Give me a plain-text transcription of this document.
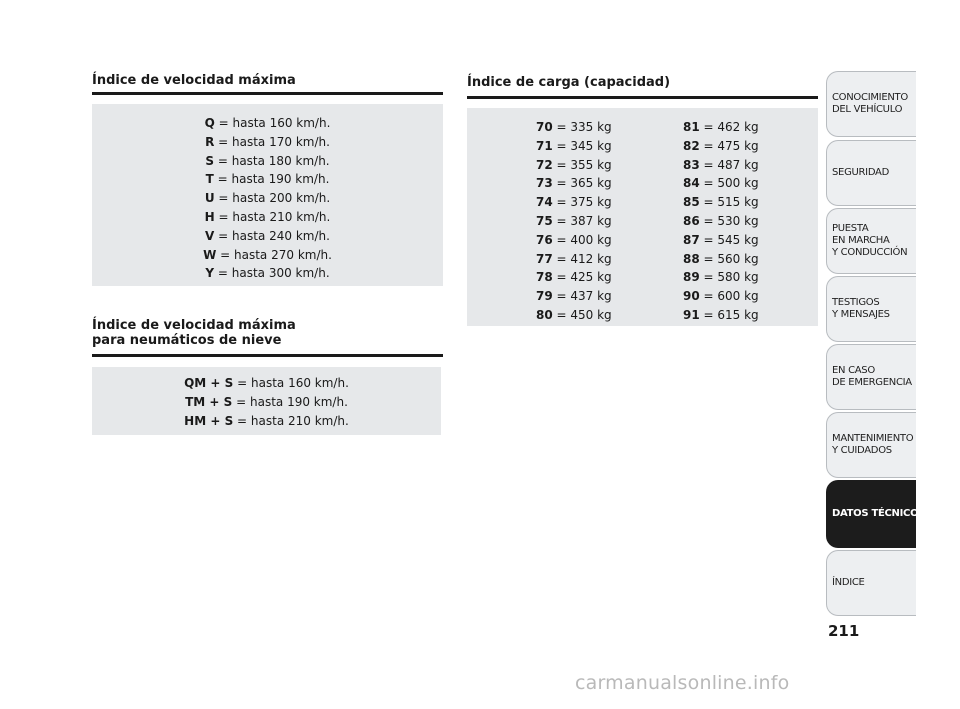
Índice de velocidad máxima
Q = hasta 160 km/h.
R = hasta 170 km/h.
S = hasta 180 km/h.
T = hasta 190 km/h.
U = hasta 200 km/h.
H = hasta 210 km/h.
V = hasta 240 km/h.
W = hasta 270 km/h.
Y = hasta 300 km/h.
Índice de velocidad máxima
para neumáticos de nieve
QM + S = hasta 160 km/h.
TM + S = hasta 190 km/h.
HM + S = hasta 210 km/h.
Índice de carga (capacidad)
70 = 335 kg
71 = 345 kg
72 = 355 kg
73 = 365 kg
74 = 375 kg
75 = 387 kg
76 = 400 kg
77 = 412 kg
78 = 425 kg
79 = 437 kg
80 = 450 kg
81 = 462 kg
82 = 475 kg
83 = 487 kg
84 = 500 kg
85 = 515 kg
86 = 530 kg
87 = 545 kg
88 = 560 kg
89 = 580 kg
90 = 600 kg
91 = 615 kg
CONOCIMIENTO
DEL VEHÍCULO
SEGURIDAD
PUESTA
EN MARCHA
Y CONDUCCIÓN
TESTIGOS
Y MENSAJES
EN CASO
DE EMERGENCIA
MANTENIMIENTO
Y CUIDADOS
DATOS TÉCNICOS
ÍNDICE
211
carmanualsonline.info
